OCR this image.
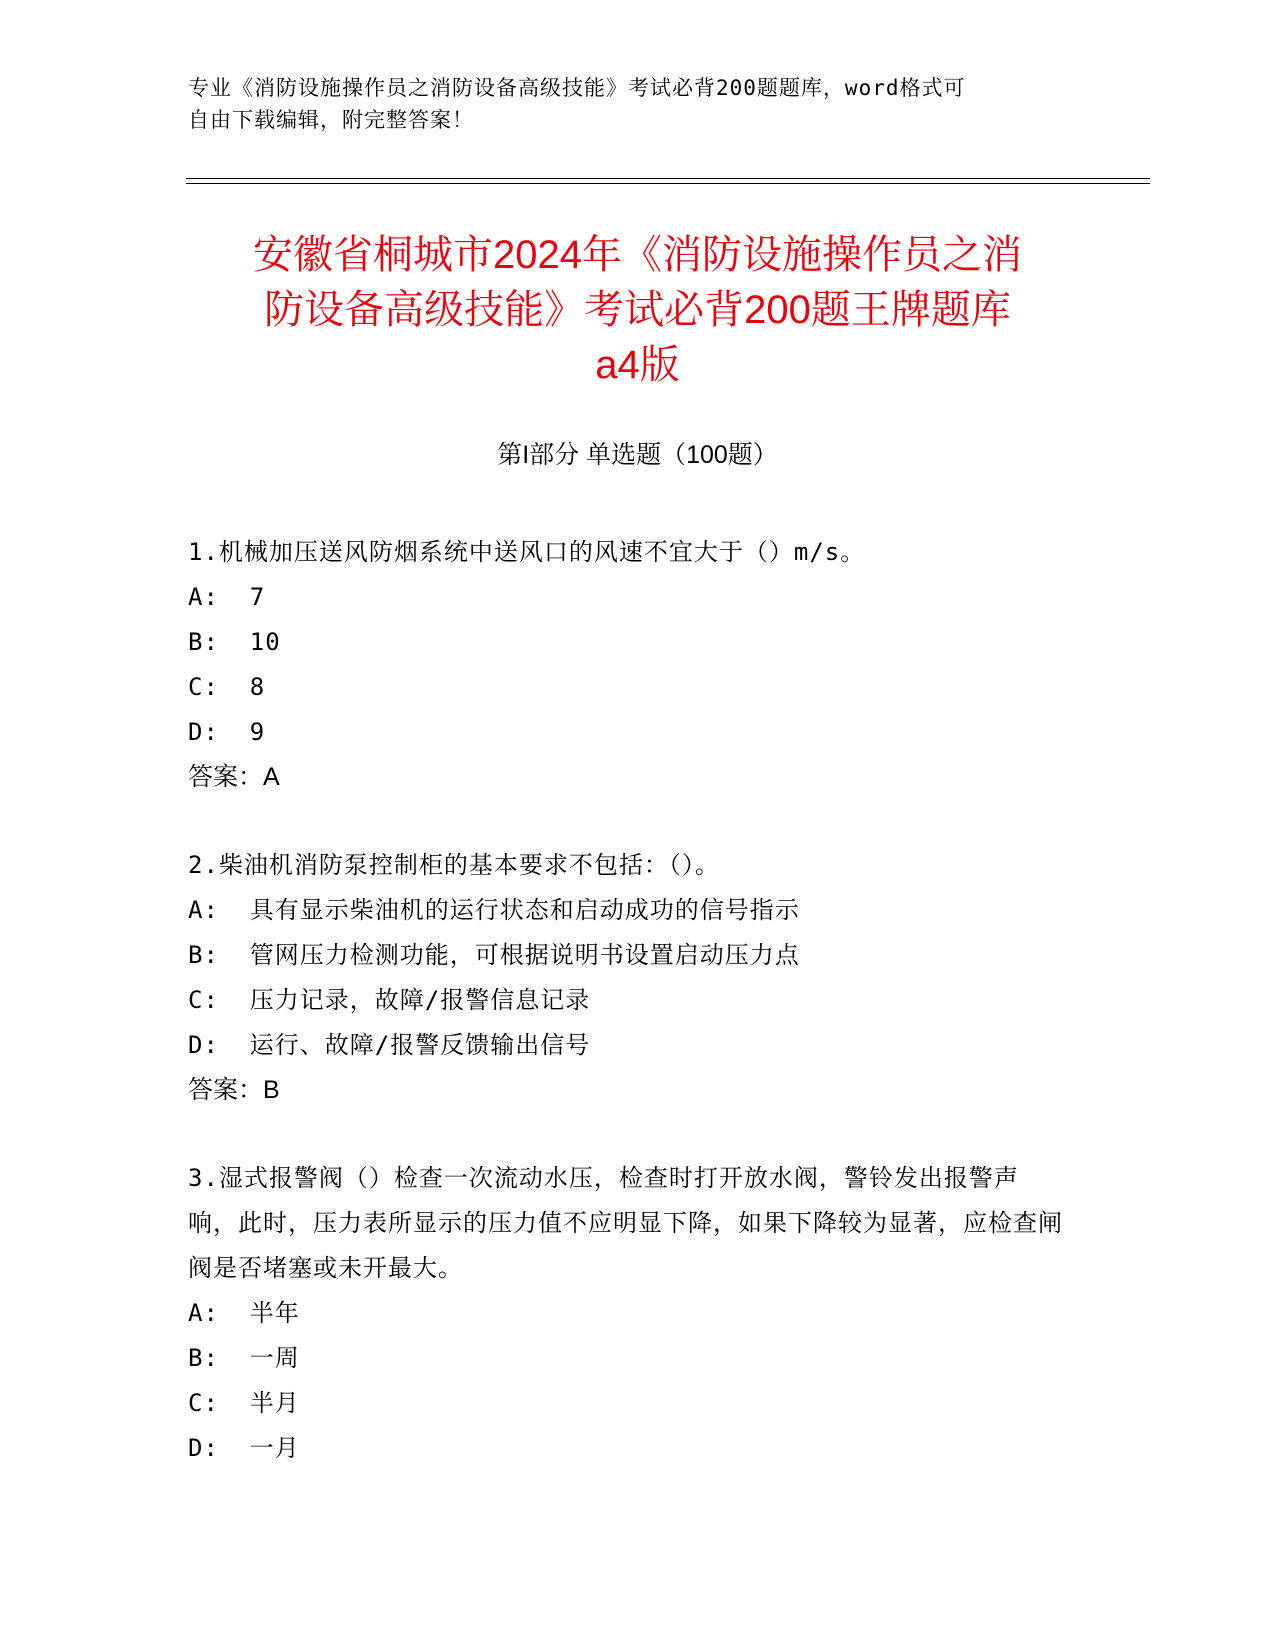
专业《消防设施操作员之消防设备高级技能》考试必背200题题库，word格式可
自由下载编辑，附完整答案！
安徽省桐城市2024年《消防设施操作员之消
防设备高级技能》考试必背200题王牌题库
a4版
第I部分 单选题（100题）
1.机械加压送风防烟系统中送风口的风速不宜大于（）m/s。
A:  7
B:  10
C:  8
D:  9
答案：A
2.柴油机消防泵控制柜的基本要求不包括：（）。
A:  具有显示柴油机的运行状态和启动成功的信号指示
B:  管网压力检测功能，可根据说明书设置启动压力点
C:  压力记录，故障/报警信息记录
D:  运行、故障/报警反馈输出信号
答案：B
3.湿式报警阀（）检查一次流动水压，检查时打开放水阀，警铃发出报警声响，此时，压力表所显示的压力值不应明显下降，如果下降较为显著，应检查闸阀是否堵塞或未开最大。
A:  半年
B:  一周
C:  半月
D:  一月
